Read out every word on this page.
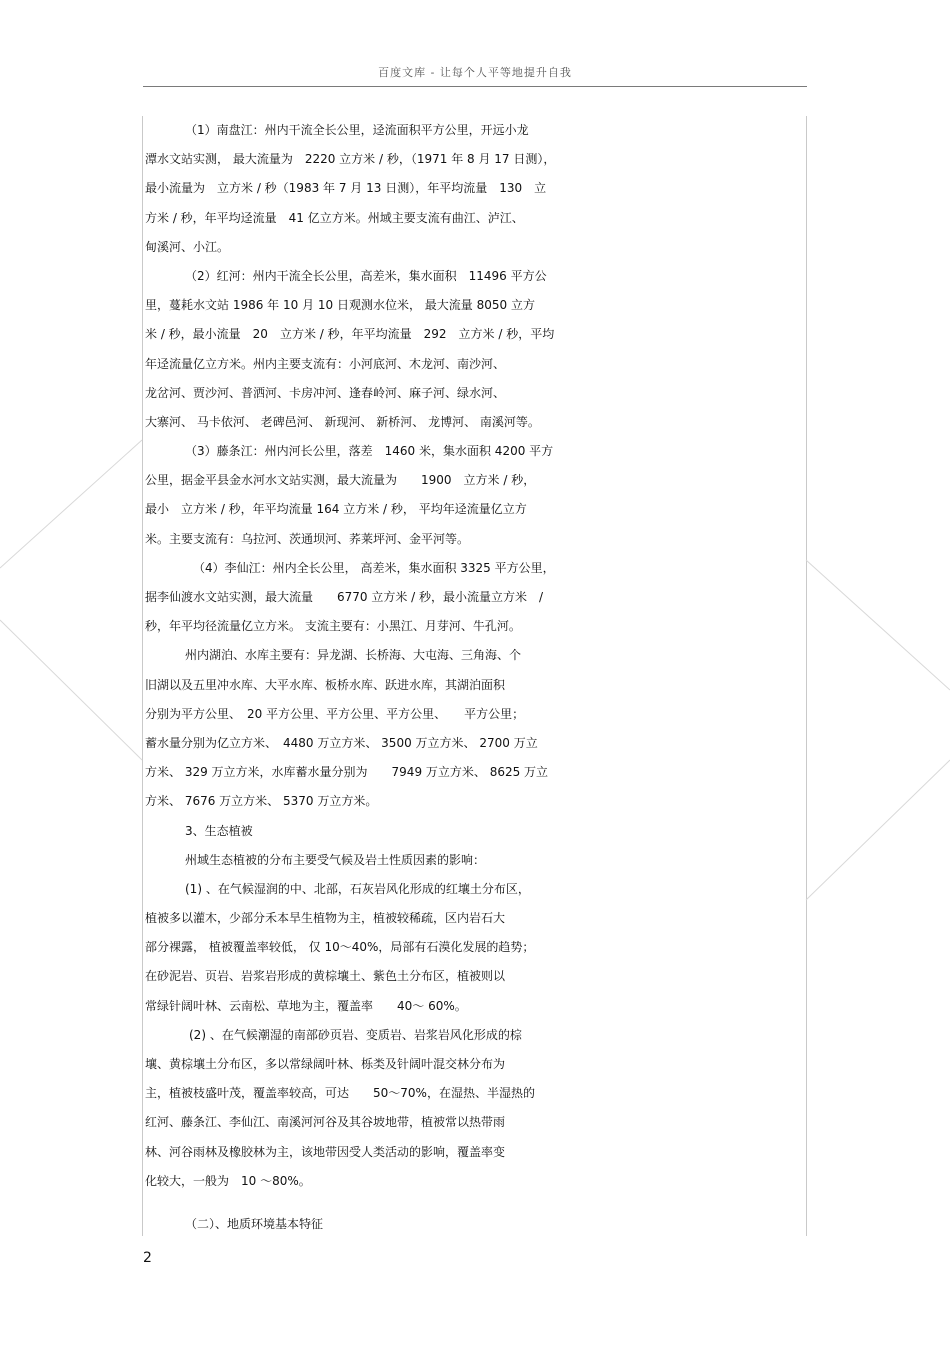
百度文库 - 让每个人平等地提升自我
（1）南盘江：州内干流全长公里，迳流面积平方公里，开远小龙
潭水文站实测， 最大流量为　2220 立方米 / 秒，（1971 年 8 月 17 日测），
最小流量为　立方米 / 秒（1983 年 7 月 13 日测），年平均流量　130　立
方米 / 秒，年平均迳流量　41 亿立方米。州域主要支流有曲江、泸江、
甸溪河、小江。
（2）红河：州内干流全长公里，高差米，集水面积　11496 平方公
里，蔓耗水文站 1986 年 10 月 10 日观测水位米， 最大流量 8050 立方
米 / 秒，最小流量　20　立方米 / 秒，年平均流量　292　立方米 / 秒，平均
年迳流量亿立方米。州内主要支流有：小河底河、木龙河、南沙河、
龙岔河、贾沙河、普洒河、卡房冲河、逢春岭河、麻子河、绿水河、
大寨河、 马卡依河、 老碑邑河、 新现河、 新桥河、 龙博河、 南溪河等。
（3）藤条江：州内河长公里，落差　1460 米，集水面积 4200 平方
公里，据金平县金水河水文站实测，最大流量为　　1900　立方米 / 秒，
最小　立方米 / 秒，年平均流量 164 立方米 / 秒， 平均年迳流量亿立方
米。主要支流有：乌拉河、茨通坝河、荞莱坪河、金平河等。
（4）李仙江：州内全长公里， 高差米，集水面积 3325 平方公里，
据李仙渡水文站实测，最大流量　　6770 立方米 / 秒，最小流量立方米　/
秒，年平均径流量亿立方米。 支流主要有：小黑江、月芽河、牛孔河。
州内湖泊、水库主要有：异龙湖、长桥海、大屯海、三角海、个
旧湖以及五里冲水库、大平水库、板桥水库、跃进水库，其湖泊面积
分别为平方公里、　20 平方公里、平方公里、平方公里、　　平方公里；
蓄水量分别为亿立方米、　4480 万立方米、 3500 万立方米、 2700 万立
方米、 329 万立方米，水库蓄水量分别为　　7949 万立方米、 8625 万立
方米、 7676 万立方米、 5370 万立方米。
3、生态植被
州域生态植被的分布主要受气候及岩土性质因素的影响：
(1) 、在气候湿润的中、北部，石灰岩风化形成的红壤土分布区，
植被多以灌木，少部分禾本旱生植物为主，植被较稀疏，区内岩石大
部分裸露， 植被覆盖率较低， 仅 10～40%，局部有石漠化发展的趋势；
在砂泥岩、页岩、岩浆岩形成的黄棕壤土、紫色土分布区，植被则以
常绿针阔叶林、云南松、草地为主，覆盖率　　40～ 60%。
(2) 、在气候潮湿的南部砂页岩、变质岩、岩浆岩风化形成的棕
壤、黄棕壤土分布区，多以常绿阔叶林、栎类及针阔叶混交林分布为
主，植被枝盛叶茂，覆盖率较高，可达　　50～70%，在湿热、半湿热的
红河、藤条江、李仙江、南溪河河谷及其谷坡地带，植被常以热带雨
林、河谷雨林及橡胶林为主，该地带因受人类活动的影响，覆盖率变
化较大，一般为　10 ～80%。
（二）、地质环境基本特征
2
